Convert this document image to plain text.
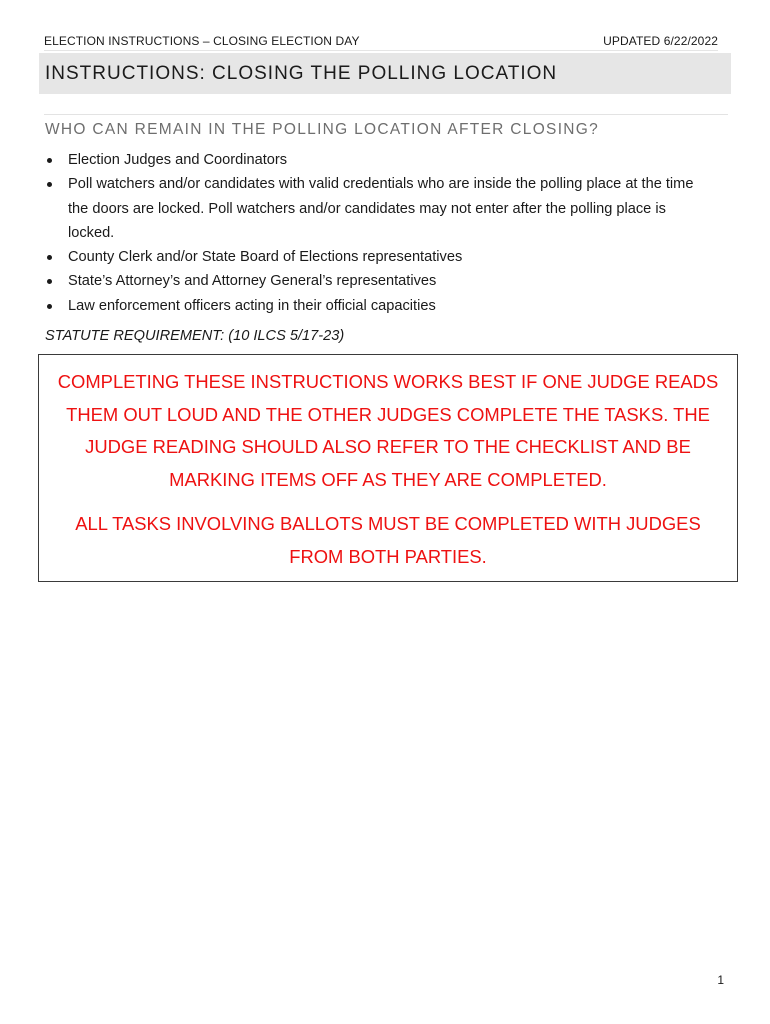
ELECTION INSTRUCTIONS – CLOSING ELECTION DAY	UPDATED 6/22/2022
INSTRUCTIONS: CLOSING THE POLLING LOCATION
WHO CAN REMAIN IN THE POLLING LOCATION AFTER CLOSING?
Election Judges and Coordinators
Poll watchers and/or candidates with valid credentials who are inside the polling place at the time the doors are locked. Poll watchers and/or candidates may not enter after the polling place is locked.
County Clerk and/or State Board of Elections representatives
State’s Attorney’s and Attorney General’s representatives
Law enforcement officers acting in their official capacities
STATUTE REQUIREMENT: (10 ILCS 5/17-23)

COMPLETING THESE INSTRUCTIONS WORKS BEST IF ONE JUDGE READS THEM OUT LOUD AND THE OTHER JUDGES COMPLETE THE TASKS. THE JUDGE READING SHOULD ALSO REFER TO THE CHECKLIST AND BE MARKING ITEMS OFF AS THEY ARE COMPLETED.

ALL TASKS INVOLVING BALLOTS MUST BE COMPLETED WITH JUDGES FROM BOTH PARTIES.

1
